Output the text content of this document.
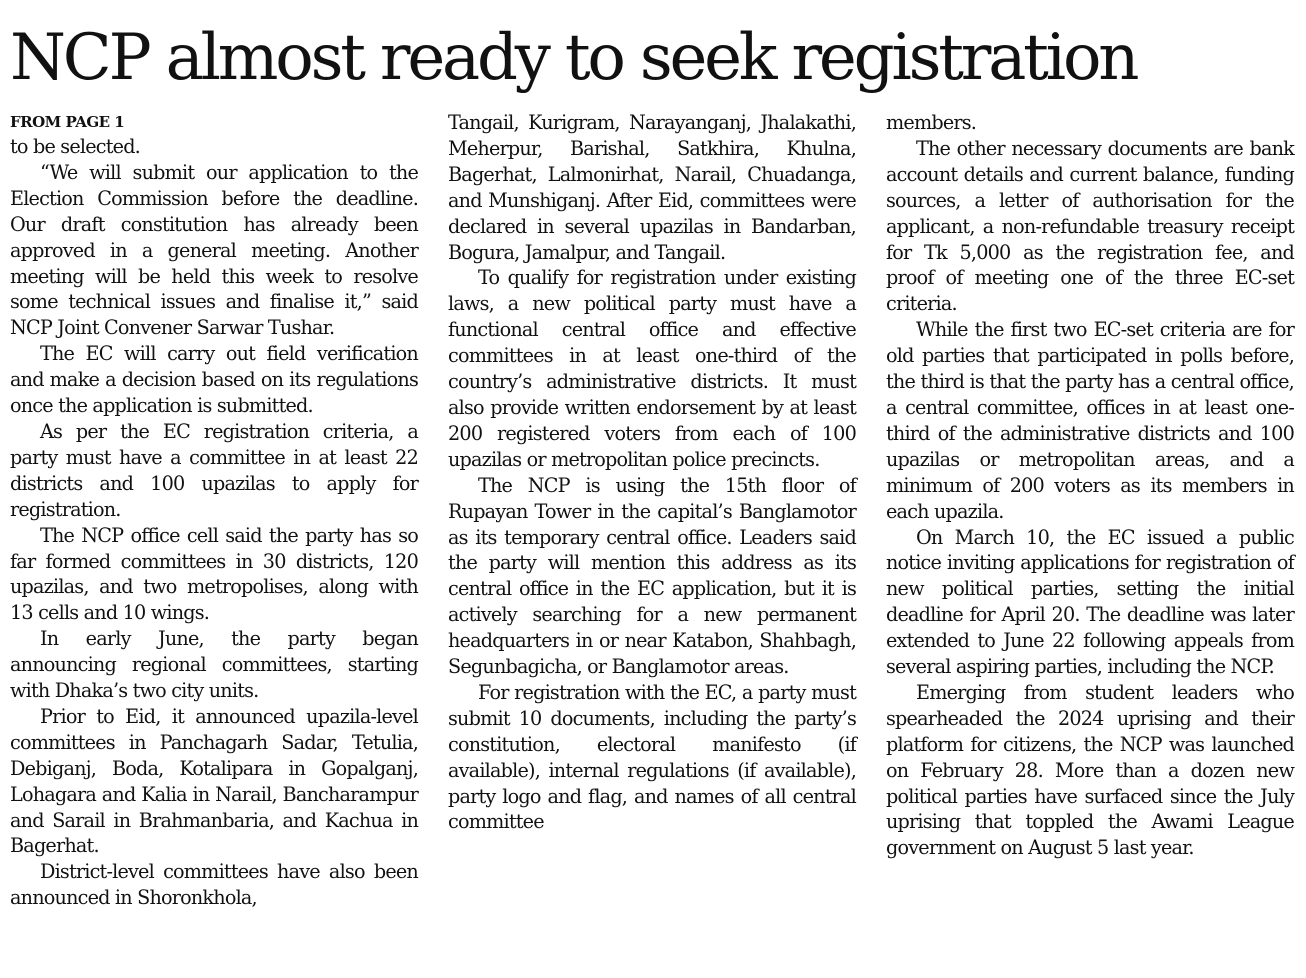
NCP almost ready to seek registration
FROM PAGE 1

to be selected.

“We will submit our application to the Election Commission before the deadline. Our draft constitution has already been approved in a general meeting. Another meeting will be held this week to resolve some technical issues and finalise it,” said NCP Joint Convener Sarwar Tushar.

The EC will carry out field verification and make a decision based on its regulations once the application is submitted.

As per the EC registration criteria, a party must have a committee in at least 22 districts and 100 upazilas to apply for registration.

The NCP office cell said the party has so far formed committees in 30 districts, 120 upazilas, and two metropolises, along with 13 cells and 10 wings.

In early June, the party began announcing regional committees, starting with Dhaka’s two city units.

Prior to Eid, it announced upazila-level committees in Panchagarh Sadar, Tetulia, Debiganj, Boda, Kotalipara in Gopalganj, Lohagara and Kalia in Narail, Bancharampur and Sarail in Brahmanbaria, and Kachua in Bagerhat.

District-level committees have also been announced in Shoronkhola,

Tangail, Kurigram, Narayanganj, Jhalakathi, Meherpur, Barishal, Satkhira, Khulna, Bagerhat, Lalmonirhat, Narail, Chuadanga, and Munshiganj. After Eid, committees were declared in several upazilas in Bandarban, Bogura, Jamalpur, and Tangail.

To qualify for registration under existing laws, a new political party must have a functional central office and effective committees in at least one-third of the country’s administrative districts. It must also provide written endorsement by at least 200 registered voters from each of 100 upazilas or metropolitan police precincts.

The NCP is using the 15th floor of Rupayan Tower in the capital’s Banglamotor as its temporary central office. Leaders said the party will mention this address as its central office in the EC application, but it is actively searching for a new permanent headquarters in or near Katabon, Shahbagh, Segunbagicha, or Banglamotor areas.

For registration with the EC, a party must submit 10 documents, including the party’s constitution, electoral manifesto (if available), internal regulations (if available), party logo and flag, and names of all central committee

members.

The other necessary documents are bank account details and current balance, funding sources, a letter of authorisation for the applicant, a non-refundable treasury receipt for Tk 5,000 as the registration fee, and proof of meeting one of the three EC-set criteria.

While the first two EC-set criteria are for old parties that participated in polls before, the third is that the party has a central office, a central committee, offices in at least one-third of the administrative districts and 100 upazilas or metropolitan areas, and a minimum of 200 voters as its members in each upazila.

On March 10, the EC issued a public notice inviting applications for registration of new political parties, setting the initial deadline for April 20. The deadline was later extended to June 22 following appeals from several aspiring parties, including the NCP.

Emerging from student leaders who spearheaded the 2024 uprising and their platform for citizens, the NCP was launched on February 28. More than a dozen new political parties have surfaced since the July uprising that toppled the Awami League government on August 5 last year.
